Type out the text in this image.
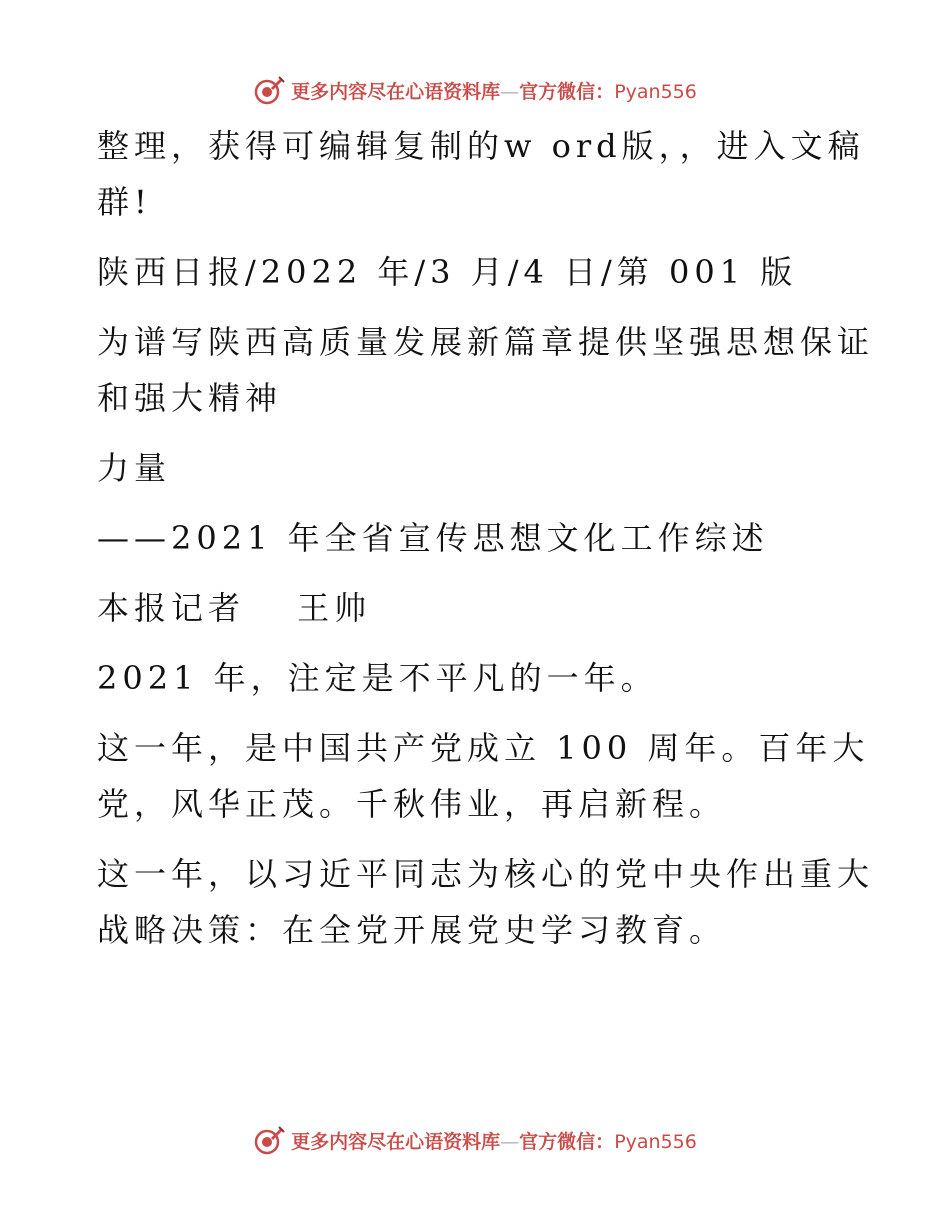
更多内容尽在心语资料库—官方微信：Pyan556
整理，获得可编辑复制的w ord版，，进入文稿
群!
陕西日报/2022 年/3 月/4 日/第 001 版
为谱写陕西高质量发展新篇章提供坚强思想保证
和强大精神
力量
——2021 年全省宣传思想文化工作综述
本报记者　 王帅
2021 年，注定是不平凡的一年。
这一年，是中国共产党成立 100 周年。百年大
党，风华正茂。千秋伟业，再启新程。
这一年，以习近平同志为核心的党中央作出重大
战略决策：在全党开展党史学习教育。
更多内容尽在心语资料库—官方微信：Pyan556
